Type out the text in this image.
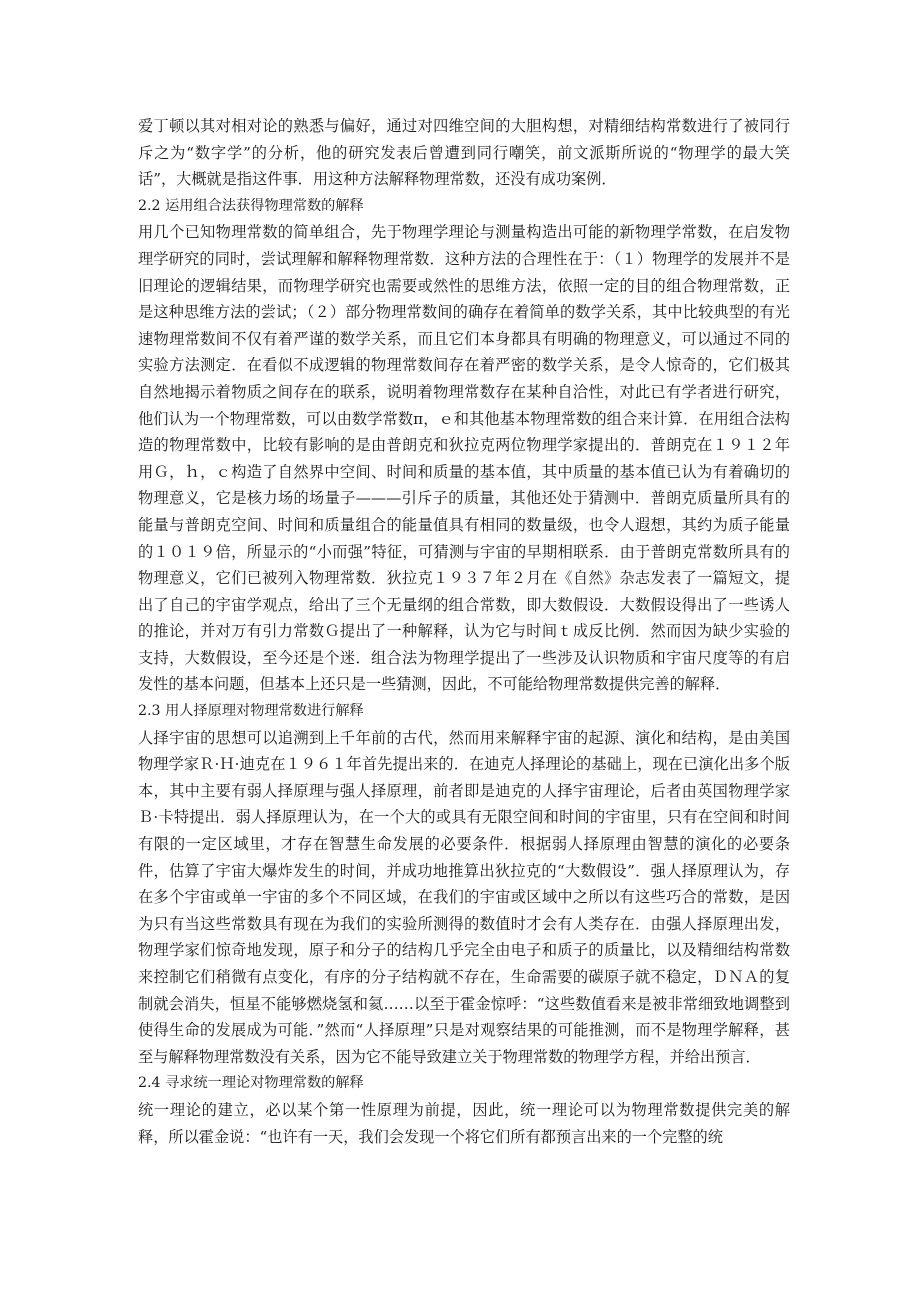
爱丁顿以其对相对论的熟悉与偏好，通过对四维空间的大胆构想，对精细结构常数进行了被同行斥之为“数字学”的分析，他的研究发表后曾遭到同行嘲笑，前文派斯所说的“物理学的最大笑话”，大概就是指这件事．用这种方法解释物理常数，还没有成功案例．

2.2 运用组合法获得物理常数的解释

用几个已知物理常数的简单组合，先于物理学理论与测量构造出可能的新物理学常数，在启发物理学研究的同时，尝试理解和解释物理常数．这种方法的合理性在于：（１）物理学的发展并不是旧理论的逻辑结果，而物理学研究也需要或然性的思维方法，依照一定的目的组合物理常数，正是这种思维方法的尝试；（２）部分物理常数间的确存在着简单的数学关系，其中比较典型的有光速物理常数间不仅有着严谨的数学关系，而且它们本身都具有明确的物理意义，可以通过不同的实验方法测定．在看似不成逻辑的物理常数间存在着严密的数学关系，是令人惊奇的，它们极其自然地揭示着物质之间存在的联系，说明着物理常数存在某种自洽性，对此已有学者进行研究，他们认为一个物理常数，可以由数学常数π，ｅ和其他基本物理常数的组合来计算．在用组合法构造的物理常数中，比较有影响的是由普朗克和狄拉克两位物理学家提出的．普朗克在１９１２年用Ｇ，ｈ，ｃ构造了自然界中空间、时间和质量的基本值，其中质量的基本值已认为有着确切的物理意义，它是核力场的场量子———引斥子的质量，其他还处于猜测中．普朗克质量所具有的能量与普朗克空间、时间和质量组合的能量值具有相同的数量级，也令人遐想，其约为质子能量的１０１９倍，所显示的“小而强”特征，可猜测与宇宙的早期相联系．由于普朗克常数所具有的物理意义，它们已被列入物理常数．狄拉克１９３７年２月在《自然》杂志发表了一篇短文，提出了自己的宇宙学观点，给出了三个无量纲的组合常数，即大数假设．大数假设得出了一些诱人的推论，并对万有引力常数Ｇ提出了一种解释，认为它与时间ｔ成反比例．然而因为缺少实验的支持，大数假设，至今还是个迷．组合法为物理学提出了一些涉及认识物质和宇宙尺度等的有启发性的基本问题，但基本上还只是一些猜测，因此，不可能给物理常数提供完善的解释．

2.3 用人择原理对物理常数进行解释

人择宇宙的思想可以追溯到上千年前的古代，然而用来解释宇宙的起源、演化和结构，是由美国物理学家Ｒ·Ｈ·迪克在１９６１年首先提出来的．在迪克人择理论的基础上，现在已演化出多个版本，其中主要有弱人择原理与强人择原理，前者即是迪克的人择宇宙理论，后者由英国物理学家Ｂ·卡特提出．弱人择原理认为，在一个大的或具有无限空间和时间的宇宙里，只有在空间和时间有限的一定区域里，才存在智慧生命发展的必要条件．根据弱人择原理由智慧的演化的必要条件，估算了宇宙大爆炸发生的时间，并成功地推算出狄拉克的“大数假设”．强人择原理认为，存在多个宇宙或单一宇宙的多个不同区域，在我们的宇宙或区域中之所以有这些巧合的常数，是因为只有当这些常数具有现在为我们的实验所测得的数值时才会有人类存在．由强人择原理出发，物理学家们惊奇地发现，原子和分子的结构几乎完全由电子和质子的质量比，以及精细结构常数来控制它们稍微有点变化，有序的分子结构就不存在，生命需要的碳原子就不稳定，ＤＮＡ的复制就会消失，恒星不能够燃烧氢和氦……以至于霍金惊呼：“这些数值看来是被非常细致地调整到使得生命的发展成为可能．”然而“人择原理”只是对观察结果的可能推测，而不是物理学解释，甚至与解释物理常数没有关系，因为它不能导致建立关于物理常数的物理学方程，并给出预言．

2.4 寻求统一理论对物理常数的解释

统一理论的建立，必以某个第一性原理为前提，因此，统一理论可以为物理常数提供完美的解释，所以霍金说：“也许有一天，我们会发现一个将它们所有都预言出来的一个完整的统
